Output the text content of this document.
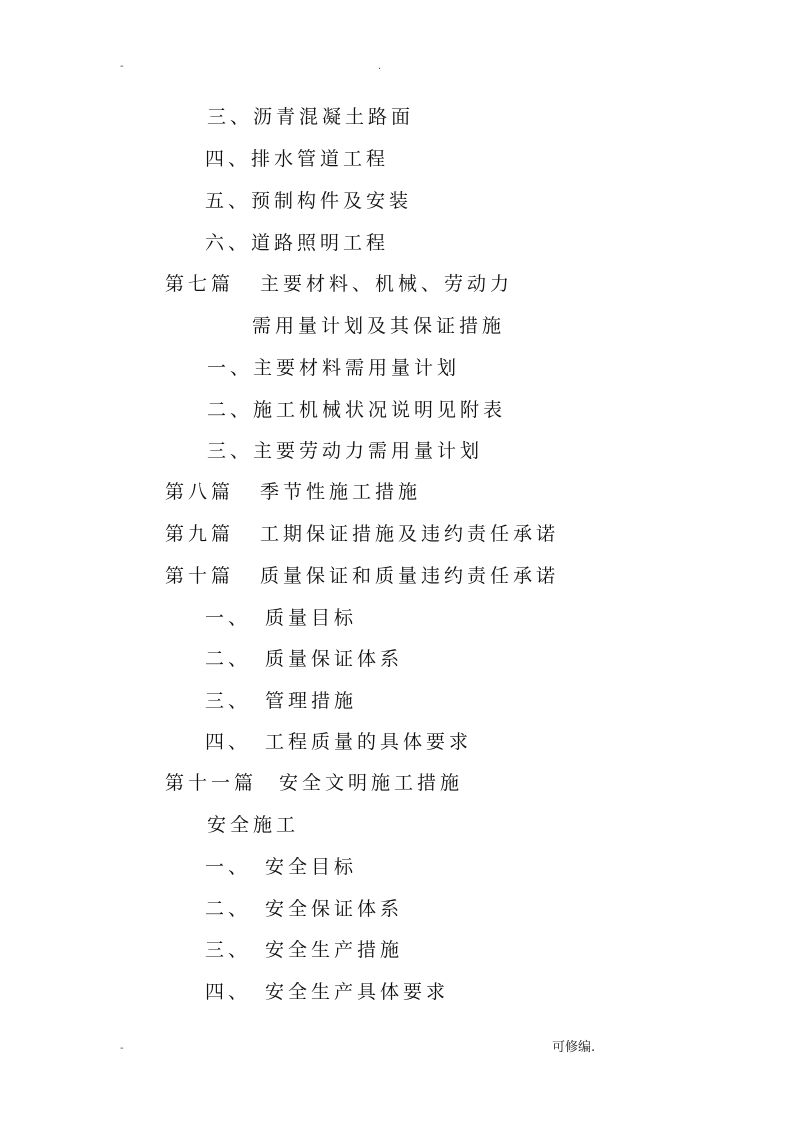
-	.
三、沥青混凝土路面
四、排水管道工程
五、预制构件及安装
六、道路照明工程
第七篇 主要材料、机械、劳动力
需用量计划及其保证措施
一、主要材料需用量计划
二、施工机械状况说明见附表
三、主要劳动力需用量计划
第八篇 季节性施工措施
第九篇 工期保证措施及违约责任承诺
第十篇 质量保证和质量违约责任承诺
一、 质量目标
二、 质量保证体系
三、 管理措施
四、 工程质量的具体要求
第十一篇 安全文明施工措施
安全施工
一、 安全目标
二、 安全保证体系
三、 安全生产措施
四、 安全生产具体要求
-	可修编.
